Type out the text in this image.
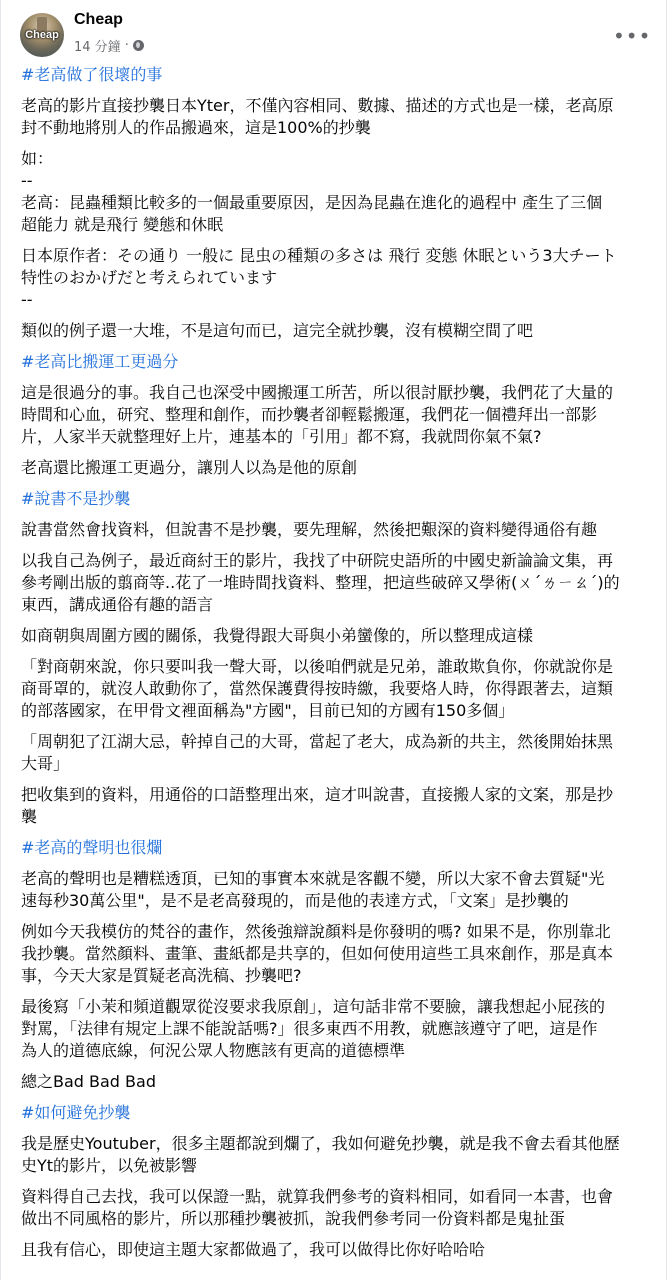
Cheap
Cheap
14 分鐘 ·	•••
#老高做了很壞的事
老高的影片直接抄襲日本Yter，不僅內容相同、數據、描述的方式也是一樣，老高原
封不動地將別人的作品搬過來，這是100%的抄襲
如：
--
老高：昆蟲種類比較多的一個最重要原因，是因為昆蟲在進化的過程中 產生了三個
超能力 就是飛行 變態和休眠
日本原作者：その通り 一般に 昆虫の種類の多さは 飛行 変態 休眠という3大チート
特性のおかげだと考えられています
--
類似的例子還一大堆，不是這句而已，這完全就抄襲，沒有模糊空間了吧
#老高比搬運工更過分
這是很過分的事。我自己也深受中國搬運工所苦，所以很討厭抄襲，我們花了大量的
時間和心血，研究、整理和創作，而抄襲者卻輕鬆搬運，我們花一個禮拜出一部影
片，人家半天就整理好上片，連基本的「引用」都不寫，我就問你氣不氣?
老高還比搬運工更過分，讓別人以為是他的原創
#說書不是抄襲
說書當然會找資料，但說書不是抄襲，要先理解，然後把艱深的資料變得通俗有趣
以我自己為例子，最近商紂王的影片，我找了中研院史語所的中國史新論論文集，再
參考剛出版的翦商等..花了一堆時間找資料、整理，把這些破碎又學術(ㄨˊㄌㄧㄠˊ)的
東西，講成通俗有趣的語言
如商朝與周圍方國的關係，我覺得跟大哥與小弟蠻像的，所以整理成這樣
「對商朝來說，你只要叫我一聲大哥，以後咱們就是兄弟，誰敢欺負你，你就說你是
商哥罩的，就沒人敢動你了，當然保護費得按時繳，我要烙人時，你得跟著去，這類
的部落國家，在甲骨文裡面稱為"方國"，目前已知的方國有150多個」
「周朝犯了江湖大忌，幹掉自己的大哥，當起了老大，成為新的共主，然後開始抹黑
大哥」
把收集到的資料，用通俗的口語整理出來，這才叫說書，直接搬人家的文案，那是抄
襲
#老高的聲明也很爛
老高的聲明也是糟糕透頂，已知的事實本來就是客觀不變，所以大家不會去質疑"光
速每秒30萬公里"，是不是老高發現的，而是他的表達方式，「文案」是抄襲的
例如今天我模仿的梵谷的畫作，然後強辯說顏料是你發明的嗎? 如果不是，你別靠北
我抄襲。當然顏料、畫筆、畫紙都是共享的，但如何使用這些工具來創作，那是真本
事，今天大家是質疑老高洗稿、抄襲吧?
最後寫「小茉和頻道觀眾從沒要求我原創」，這句話非常不要臉，讓我想起小屁孩的
對罵，「法律有規定上課不能說話嗎?」很多東西不用教，就應該遵守了吧，這是作
為人的道德底線，何況公眾人物應該有更高的道德標準
總之Bad Bad Bad
#如何避免抄襲
我是歷史Youtuber，很多主題都說到爛了，我如何避免抄襲，就是我不會去看其他歷
史Yt的影片，以免被影響
資料得自己去找，我可以保證一點，就算我們參考的資料相同，如看同一本書，也會
做出不同風格的影片，所以那種抄襲被抓，說我們參考同一份資料都是鬼扯蛋
且我有信心，即使這主題大家都做過了，我可以做得比你好哈哈哈
